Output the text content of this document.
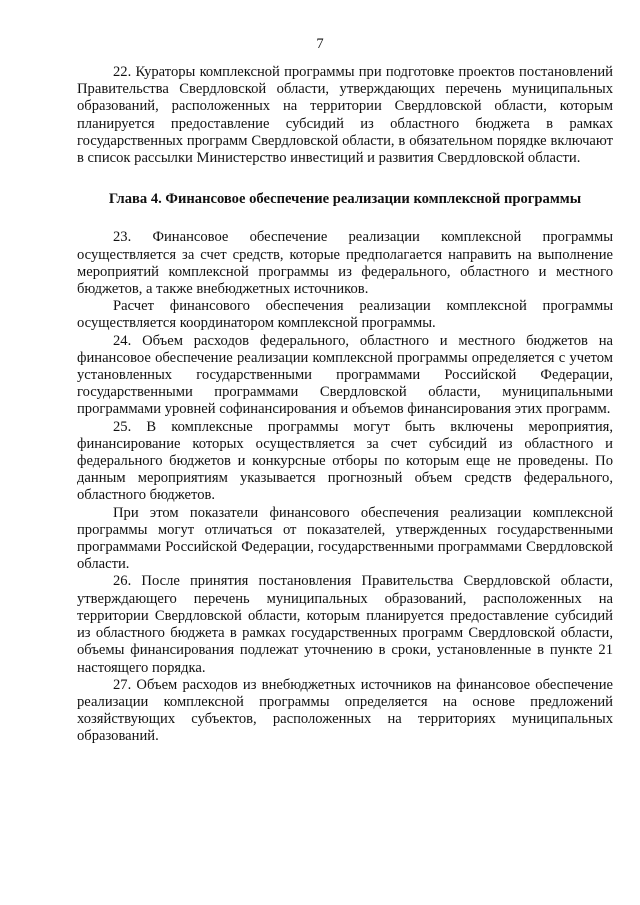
7

22. Кураторы комплексной программы при подготовке проектов постановлений Правительства Свердловской области, утверждающих перечень муниципальных образований, расположенных на территории Свердловской области, которым планируется предоставление субсидий из областного бюджета в рамках государственных программ Свердловской области, в обязательном порядке включают в список рассылки Министерство инвестиций и развития Свердловской области.

Глава 4. Финансовое обеспечение реализации комплексной программы

23. Финансовое обеспечение реализации комплексной программы осуществляется за счет средств, которые предполагается направить на выполнение мероприятий комплексной программы из федерального, областного и местного бюджетов, а также внебюджетных источников.

Расчет финансового обеспечения реализации комплексной программы осуществляется координатором комплексной программы.

24. Объем расходов федерального, областного и местного бюджетов на финансовое обеспечение реализации комплексной программы определяется с учетом установленных государственными программами Российской Федерации, государственными программами Свердловской области, муниципальными программами уровней софинансирования и объемов финансирования этих программ.

25. В комплексные программы могут быть включены мероприятия, финансирование которых осуществляется за счет субсидий из областного и федерального бюджетов и конкурсные отборы по которым еще не проведены. По данным мероприятиям указывается прогнозный объем средств федерального, областного бюджетов.

При этом показатели финансового обеспечения реализации комплексной программы могут отличаться от показателей, утвержденных государственными программами Российской Федерации, государственными программами Свердловской области.

26. После принятия постановления Правительства Свердловской области, утверждающего перечень муниципальных образований, расположенных на территории Свердловской области, которым планируется предоставление субсидий из областного бюджета в рамках государственных программ Свердловской области, объемы финансирования подлежат уточнению в сроки, установленные в пункте 21 настоящего порядка.

27. Объем расходов из внебюджетных источников на финансовое обеспечение реализации комплексной программы определяется на основе предложений хозяйствующих субъектов, расположенных на территориях муниципальных образований.
